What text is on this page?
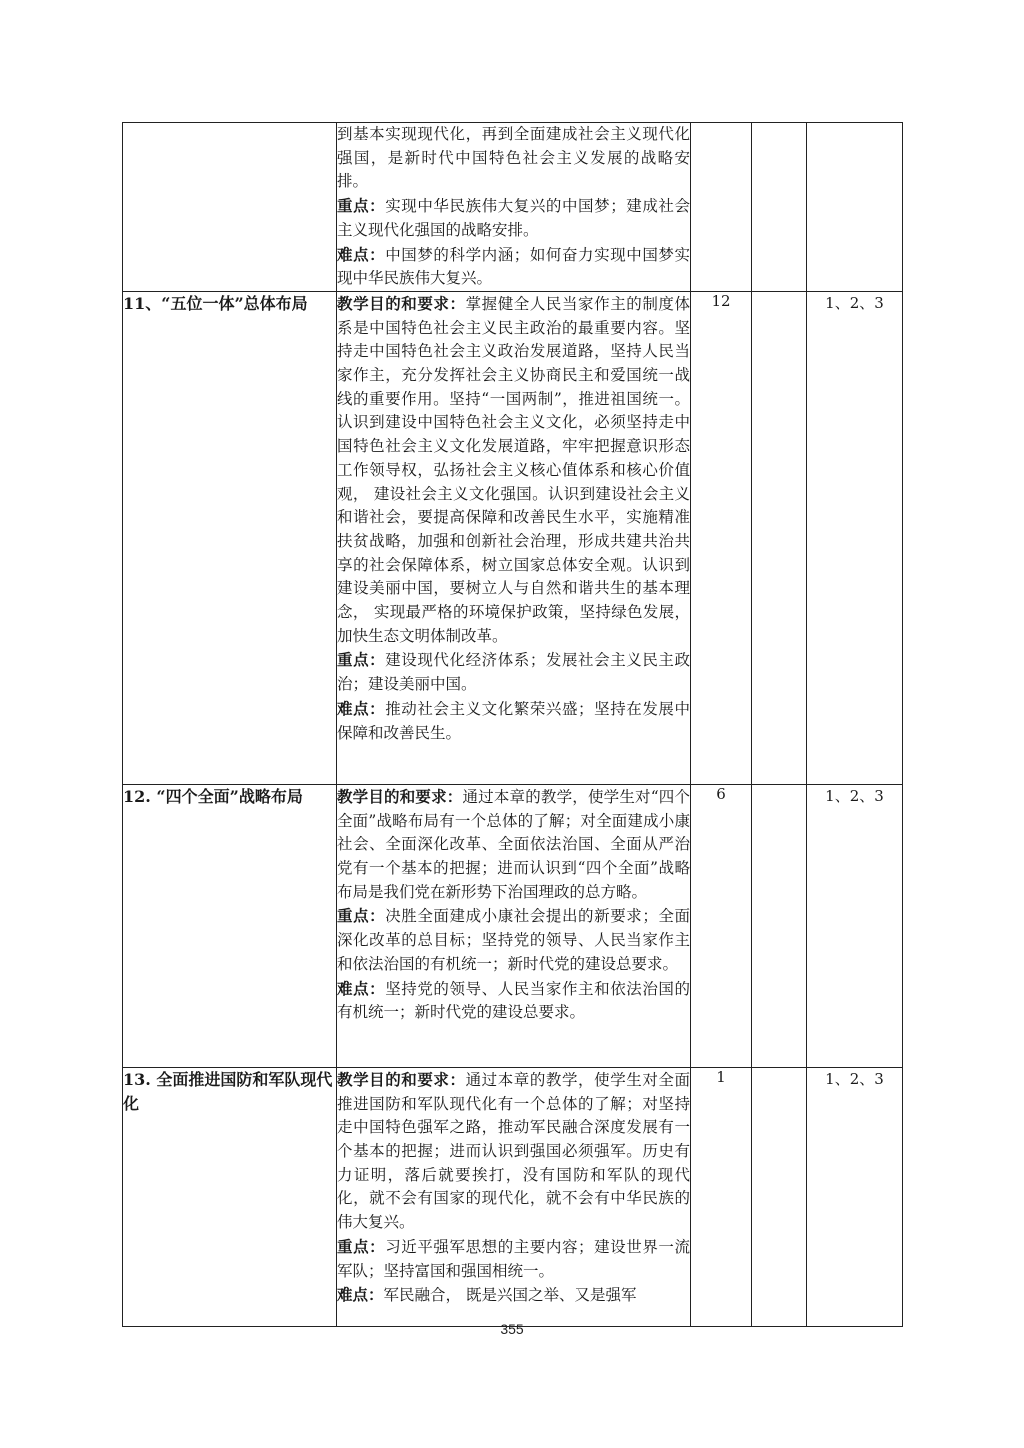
	到基本实现现代化，再到全面建成社会主义现代化强国，是新时代中国特色社会主义发展的战略安排。

重点：实现中华民族伟大复兴的中国梦；建成社会主义现代化强国的战略安排。

难点：中国梦的科学内涵；如何奋力实现中国梦实现中华民族伟大复兴。			

11、“五位一体”总体布局	教学目的和要求：掌握健全人民当家作主的制度体系是中国特色社会主义民主政治的最重要内容。坚持走中国特色社会主义政治发展道路，坚持人民当家作主，充分发挥社会主义协商民主和爱国统一战线的重要作用。坚持“一国两制”，推进祖国统一。认识到建设中国特色社会主义文化，必须坚持走中国特色社会主义文化发展道路，牢牢把握意识形态工作领导权，弘扬社会主义核心值体系和核心价值观， 建设社会主义文化强国。认识到建设社会主义和谐社会，要提高保障和改善民生水平，实施精准扶贫战略，加强和创新社会治理，形成共建共治共享的社会保障体系，树立国家总体安全观。认识到建设美丽中国，要树立人与自然和谐共生的基本理念， 实现最严格的环境保护政策，坚持绿色发展， 加快生态文明体制改革。

重点：建设现代化经济体系；发展社会主义民主政治；建设美丽中国。

难点：推动社会主义文化繁荣兴盛；坚持在发展中保障和改善民生。	12		1、2、3
12. “四个全面”战略布局	教学目的和要求：通过本章的教学，使学生对“四个全面”战略布局有一个总体的了解；对全面建成小康社会、全面深化改革、全面依法治国、全面从严治党有一个基本的把握；进而认识到“四个全面”战略布局是我们党在新形势下治国理政的总方略。

重点：决胜全面建成小康社会提出的新要求；全面深化改革的总目标；坚持党的领导、人民当家作主和依法治国的有机统一；新时代党的建设总要求。

难点：坚持党的领导、人民当家作主和依法治国的有机统一；新时代党的建设总要求。	6		1、2、3
13. 全面推进国防和军队现代化	教学目的和要求：通过本章的教学，使学生对全面推进国防和军队现代化有一个总体的了解；对坚持走中国特色强军之路，推动军民融合深度发展有一个基本的把握；进而认识到强国必须强军。历史有力证明，落后就要挨打，没有国防和军队的现代化，就不会有国家的现代化，就不会有中华民族的伟大复兴。

重点：习近平强军思想的主要内容；建设世界一流军队；坚持富国和强国相统一。

难点：军民融合， 既是兴国之举、又是强军	1		1、2、3
355
